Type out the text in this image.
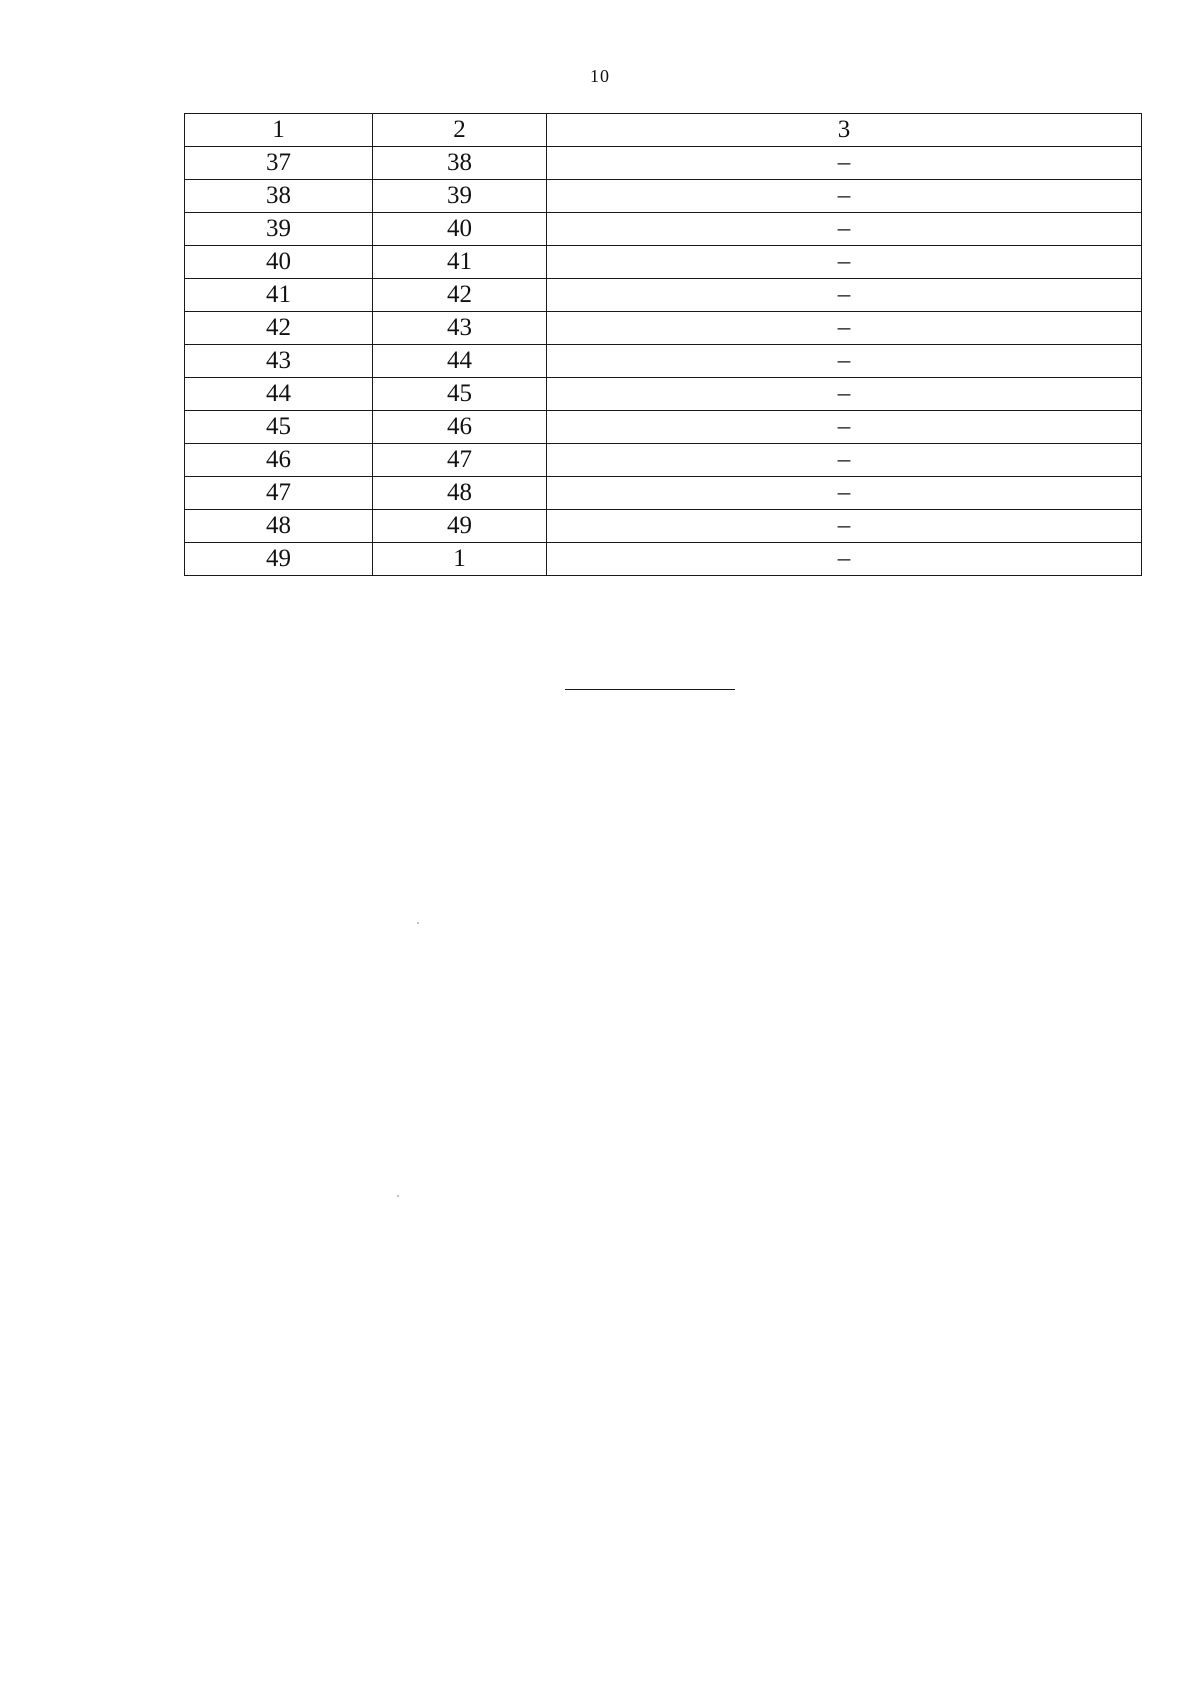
10
1	2	3
37	38	–
38	39	–
39	40	–
40	41	–
41	42	–
42	43	–
43	44	–
44	45	–
45	46	–
46	47	–
47	48	–
48	49	–
49	1	–
